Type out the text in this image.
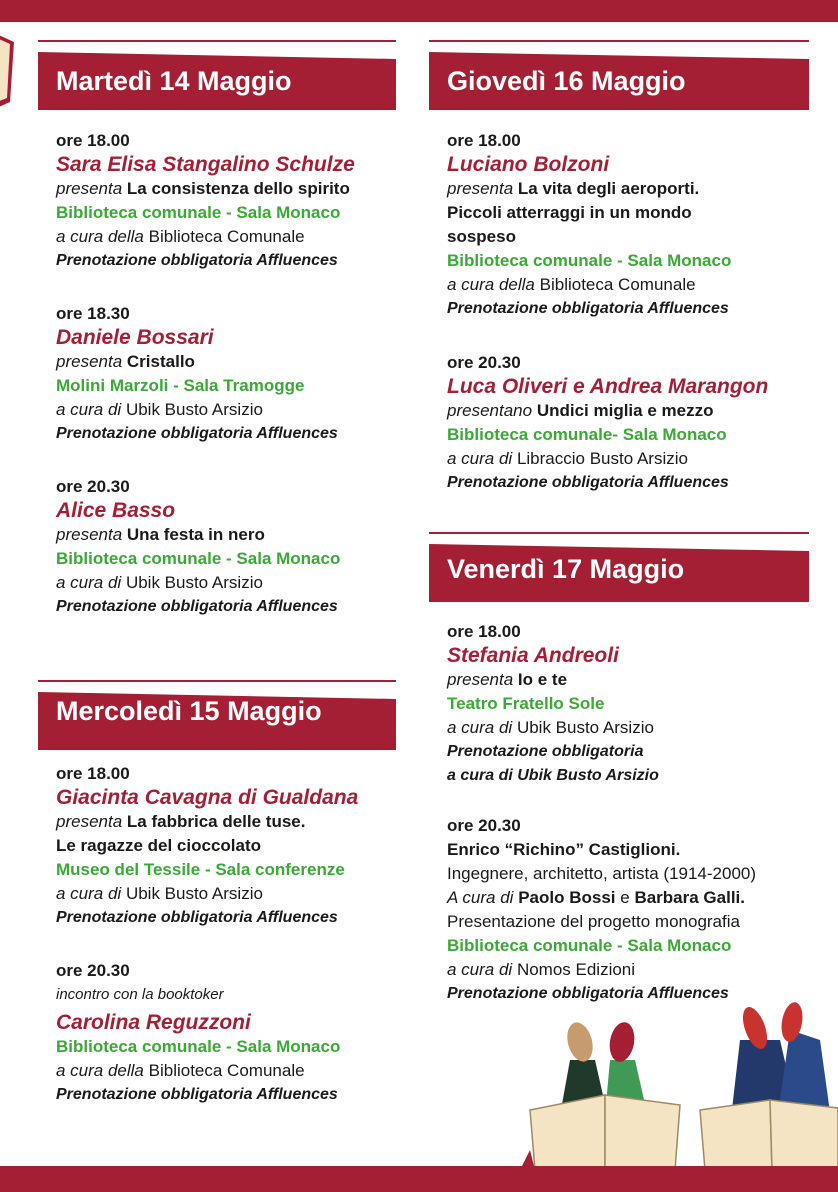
Martedì 14 Maggio
ore 18.00
Sara Elisa Stangalino Schulze
presenta La consistenza dello spirito
Biblioteca comunale - Sala Monaco
a cura della Biblioteca Comunale
Prenotazione obbligatoria Affluences
ore 18.30
Daniele Bossari
presenta Cristallo
Molini Marzoli - Sala Tramogge
a cura di Ubik Busto Arsizio
Prenotazione obbligatoria Affluences
ore 20.30
Alice Basso
presenta Una festa in nero
Biblioteca comunale - Sala Monaco
a cura di Ubik Busto Arsizio
Prenotazione obbligatoria Affluences
Mercoledì 15 Maggio
ore 18.00
Giacinta Cavagna di Gualdana
presenta La fabbrica delle tuse.
Le ragazze del cioccolato
Museo del Tessile - Sala conferenze
a cura di Ubik Busto Arsizio
Prenotazione obbligatoria Affluences
ore 20.30
incontro con la booktoker
Carolina Reguzzoni
Biblioteca comunale - Sala Monaco
a cura della Biblioteca Comunale
Prenotazione obbligatoria Affluences
Giovedì 16 Maggio
ore 18.00
Luciano Bolzoni
presenta La vita degli aeroporti.
Piccoli atterraggi in un mondo
sospeso
Biblioteca comunale - Sala Monaco
a cura della Biblioteca Comunale
Prenotazione obbligatoria Affluences
ore 20.30
Luca Oliveri e Andrea Marangon
presentano Undici miglia e mezzo
Biblioteca comunale- Sala Monaco
a cura di Libraccio Busto Arsizio
Prenotazione obbligatoria Affluences
Venerdì 17 Maggio
ore 18.00
Stefania Andreoli
presenta Io e te
Teatro Fratello Sole
a cura di Ubik Busto Arsizio
Prenotazione obbligatoria
a cura di Ubik Busto Arsizio
ore 20.30
Enrico “Richino” Castiglioni.
Ingegnere, architetto, artista (1914-2000)
A cura di Paolo Bossi e Barbara Galli.
Presentazione del progetto monografia
Biblioteca comunale - Sala Monaco
a cura di Nomos Edizioni
Prenotazione obbligatoria Affluences
